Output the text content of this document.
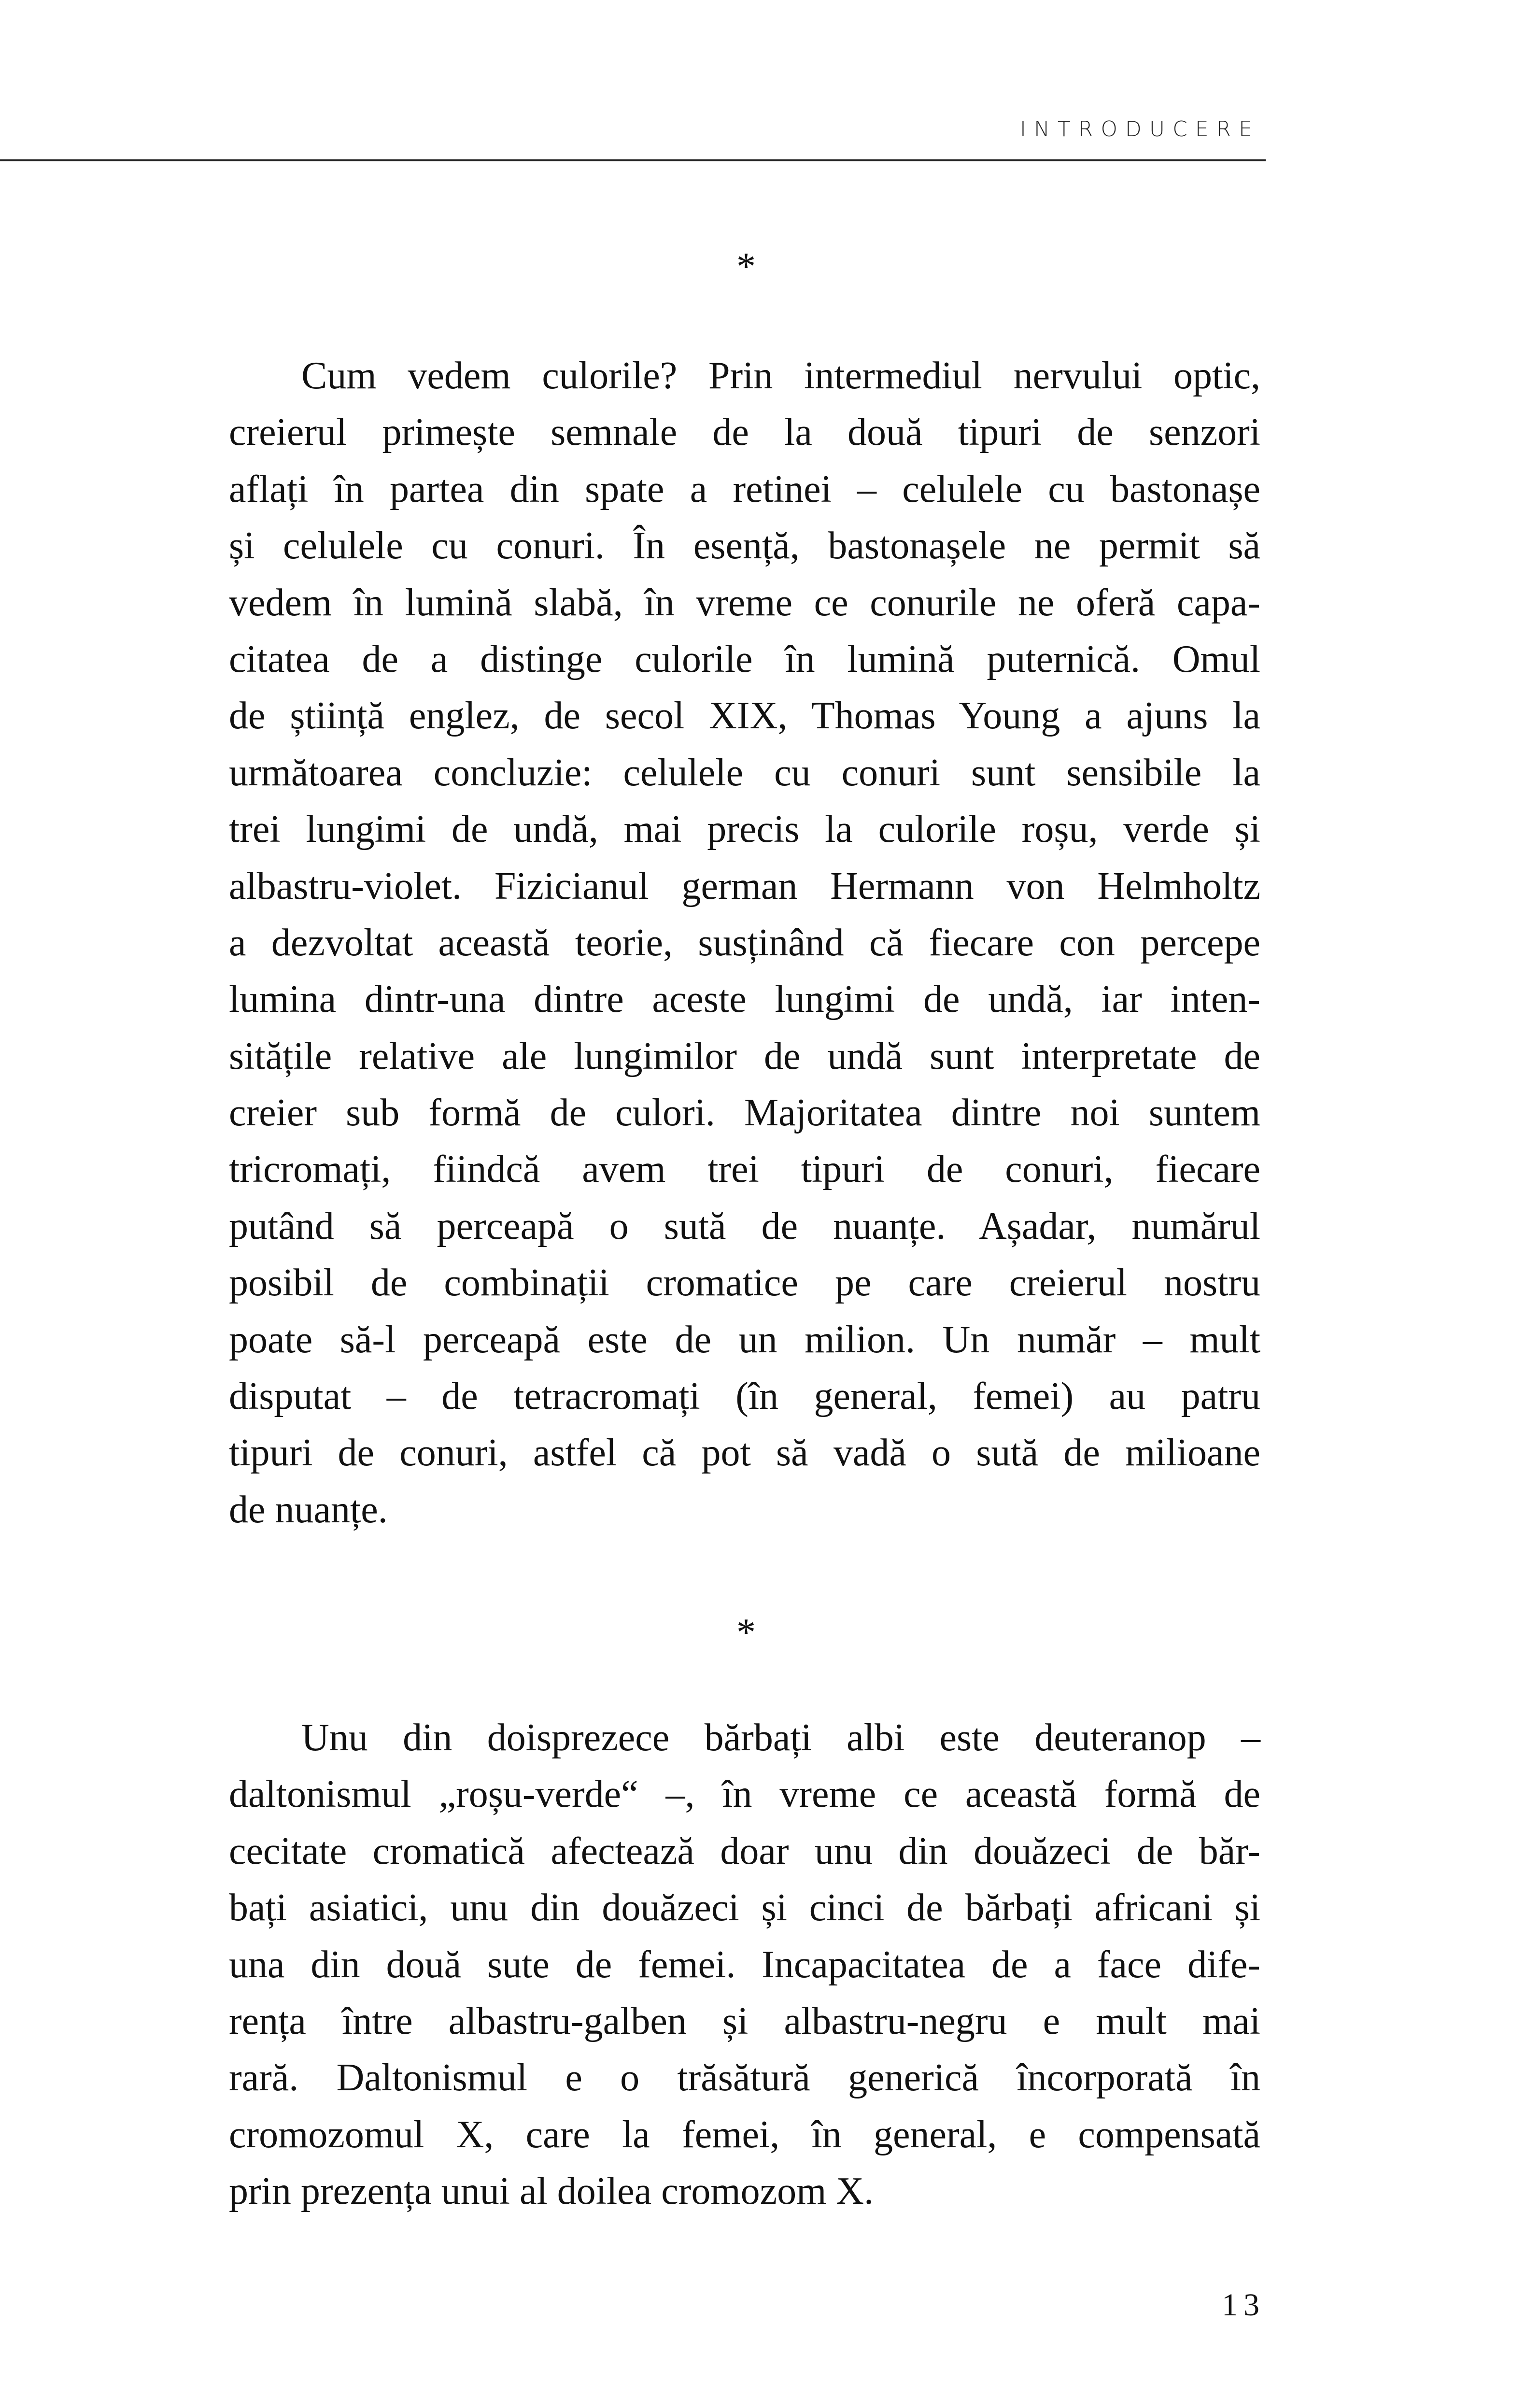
INTRODUCERE
*
Cum vedem culorile? Prin intermediul nervului optic,
creierul primește semnale de la două tipuri de senzori
aflați în partea din spate a retinei – celulele cu bastonașe
și celulele cu conuri. În esență, bastonașele ne permit să
vedem în lumină slabă, în vreme ce conurile ne oferă capa-
citatea de a distinge culorile în lumină puternică. Omul
de știință englez, de secol XIX, Thomas Young a ajuns la
următoarea concluzie: celulele cu conuri sunt sensibile la
trei lungimi de undă, mai precis la culorile roșu, verde și
albastru-violet. Fizicianul german Hermann von Helmholtz
a dezvoltat această teorie, susținând că fiecare con percepe
lumina dintr-una dintre aceste lungimi de undă, iar inten-
sitățile relative ale lungimilor de undă sunt interpretate de
creier sub formă de culori. Majoritatea dintre noi suntem
tricromați, fiindcă avem trei tipuri de conuri, fiecare
putând să perceapă o sută de nuanțe. Așadar, numărul
posibil de combinații cromatice pe care creierul nostru
poate să-l perceapă este de un milion. Un număr – mult
disputat – de tetracromați (în general, femei) au patru
tipuri de conuri, astfel că pot să vadă o sută de milioane
de nuanțe.
*
Unu din doisprezece bărbați albi este deuteranop –
daltonismul „roșu-verde“ –, în vreme ce această formă de
cecitate cromatică afectează doar unu din douăzeci de băr-
bați asiatici, unu din douăzeci și cinci de bărbați africani și
una din două sute de femei. Incapacitatea de a face dife-
rența între albastru-galben și albastru-negru e mult mai
rară. Daltonismul e o trăsătură generică încorporată în
cromozomul X, care la femei, în general, e compensată
prin prezența unui al doilea cromozom X.
13
